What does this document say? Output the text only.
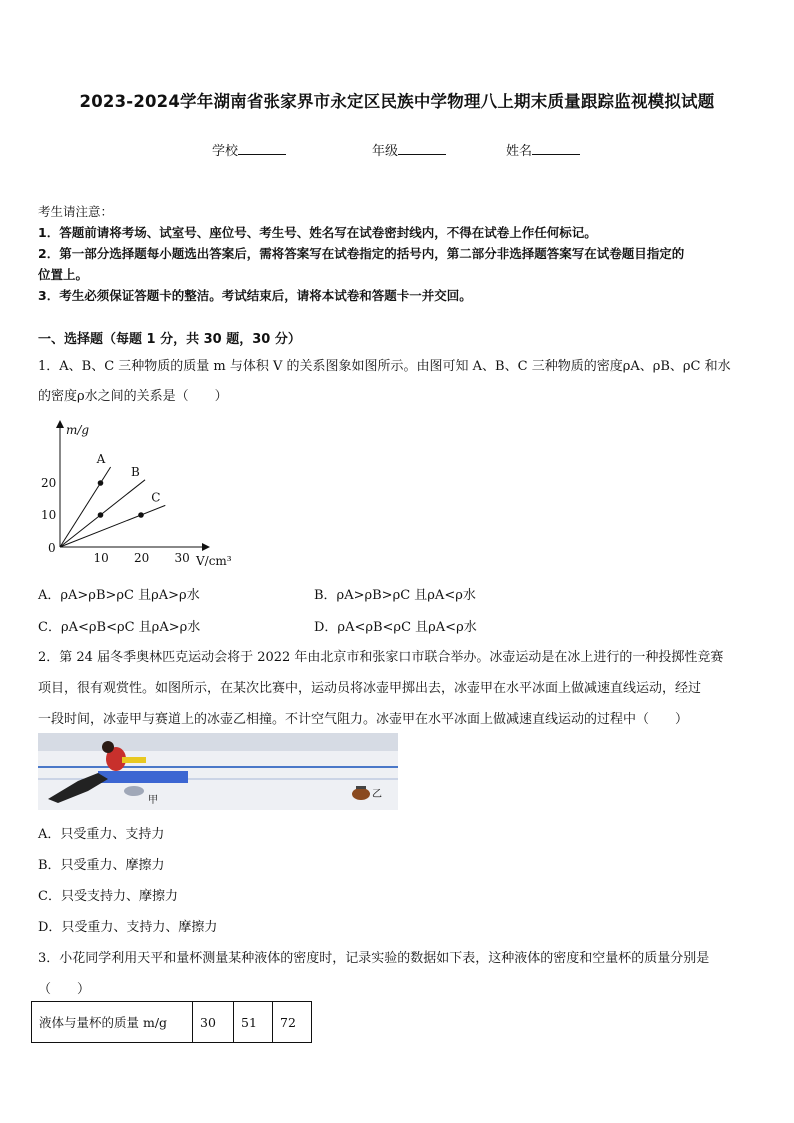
2023-2024学年湖南省张家界市永定区民族中学物理八上期末质量跟踪监视模拟试题
学校	年级	姓名
考生请注意：
1．答题前请将考场、试室号、座位号、考生号、姓名写在试卷密封线内，不得在试卷上作任何标记。
2．第一部分选择题每小题选出答案后，需将答案写在试卷指定的括号内，第二部分非选择题答案写在试卷题目指定的
位置上。
3．考生必须保证答题卡的整洁。考试结束后，请将本试卷和答题卡一并交回。
一、选择题（每题 1 分，共 30 题，30 分）
1．A、B、C 三种物质的质量 m 与体积 V 的关系图象如图所示。由图可知 A、B、C 三种物质的密度ρA、ρB、ρC 和水
的密度ρ水之间的关系是（　　）
m/g
V/cm³
0
10 20 30
10
20
A
B
C
A．ρA>ρB>ρC 且ρA>ρ水	B．ρA>ρB>ρC 且ρA<ρ水
C．ρA<ρB<ρC 且ρA>ρ水	D．ρA<ρB<ρC 且ρA<ρ水
2．第 24 届冬季奥林匹克运动会将于 2022 年由北京市和张家口市联合举办。冰壶运动是在冰上进行的一种投掷性竞赛
项目，很有观赏性。如图所示，在某次比赛中，运动员将冰壶甲掷出去，冰壶甲在水平冰面上做减速直线运动，经过
一段时间，冰壶甲与赛道上的冰壶乙相撞。不计空气阻力。冰壶甲在水平冰面上做减速直线运动的过程中（　　）
甲
乙
A．只受重力、支持力
B．只受重力、摩擦力
C．只受支持力、摩擦力
D．只受重力、支持力、摩擦力
3．小花同学利用天平和量杯测量某种液体的密度时，记录实验的数据如下表，这种液体的密度和空量杯的质量分别是
（　　）
液体与量杯的质量 m/g	30	51	72
